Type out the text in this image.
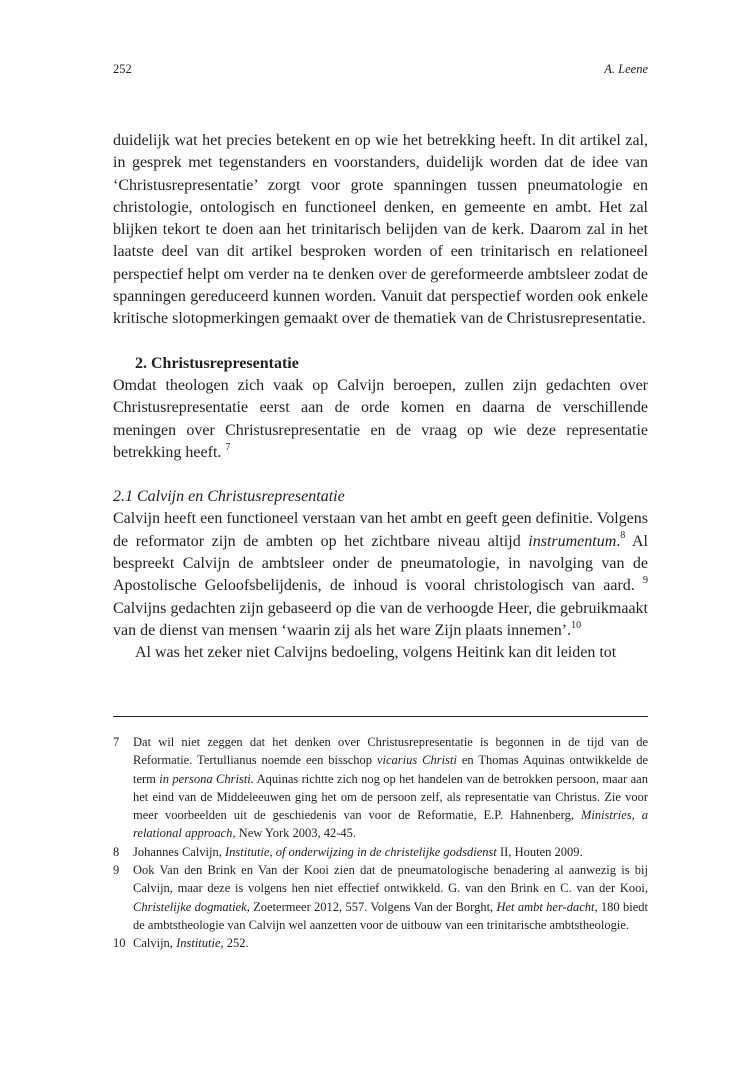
252	A. Leene

duidelijk wat het precies betekent en op wie het betrekking heeft. In dit artikel zal, in gesprek met tegenstanders en voorstanders, duidelijk worden dat de idee van ‘Christusrepresentatie’ zorgt voor grote spanningen tussen pneumatologie en christologie, ontologisch en functioneel denken, en gemeente en ambt. Het zal blijken tekort te doen aan het trinitarisch belijden van de kerk. Daarom zal in het laatste deel van dit artikel besproken worden of een trinitarisch en relationeel perspectief helpt om verder na te denken over de gereformeerde ambtsleer zodat de spanningen gereduceerd kunnen worden. Vanuit dat perspectief worden ook enkele kritische slotopmerkingen gemaakt over de thematiek van de Christusrepresentatie.

2. Christusrepresentatie

Omdat theologen zich vaak op Calvijn beroepen, zullen zijn gedachten over Christusrepresentatie eerst aan de orde komen en daarna de verschillende meningen over Christusrepresentatie en de vraag op wie deze representatie betrekking heeft. $^7$

2.1 Calvijn en Christusrepresentatie

Calvijn heeft een functioneel verstaan van het ambt en geeft geen definitie. Volgens de reformator zijn de ambten op het zichtbare niveau altijd instrumentum.$^8$ Al bespreekt Calvijn de ambtsleer onder de pneumatologie, in navolging van de Apostolische Geloofsbelijdenis, de inhoud is vooral christologisch van aard. $^9$ Calvijns gedachten zijn gebaseerd op die van de verhoogde Heer, die gebruikmaakt van de dienst van mensen ‘waarin zij als het ware Zijn plaats innemen’.$^{10}$

Al was het zeker niet Calvijns bedoeling, volgens Heitink kan dit leiden tot

7	Dat wil niet zeggen dat het denken over Christusrepresentatie is begonnen in de tijd van de Reformatie. Tertullianus noemde een bisschop vicarius Christi en Thomas Aquinas ontwikkelde de term in persona Christi. Aquinas richtte zich nog op het handelen van de betrokken persoon, maar aan het eind van de Middeleeuwen ging het om de persoon zelf, als representatie van Christus. Zie voor meer voorbeelden uit de geschiedenis van voor de Reformatie, E.P. Hahnenberg, Ministries, a relational approach, New York 2003, 42-45.
8	Johannes Calvijn, Institutie, of onderwijzing in de christelijke godsdienst II, Houten 2009.
9	Ook Van den Brink en Van der Kooi zien dat de pneumatologische benadering al aanwezig is bij Calvijn, maar deze is volgens hen niet effectief ontwikkeld. G. van den Brink en C. van der Kooi, Christelijke dogmatiek, Zoetermeer 2012, 557. Volgens Van der Borght, Het ambt her-dacht, 180 biedt de ambtstheologie van Calvijn wel aanzetten voor de uitbouw van een trinitarische ambtstheologie.
10 Calvijn, Institutie, 252.
